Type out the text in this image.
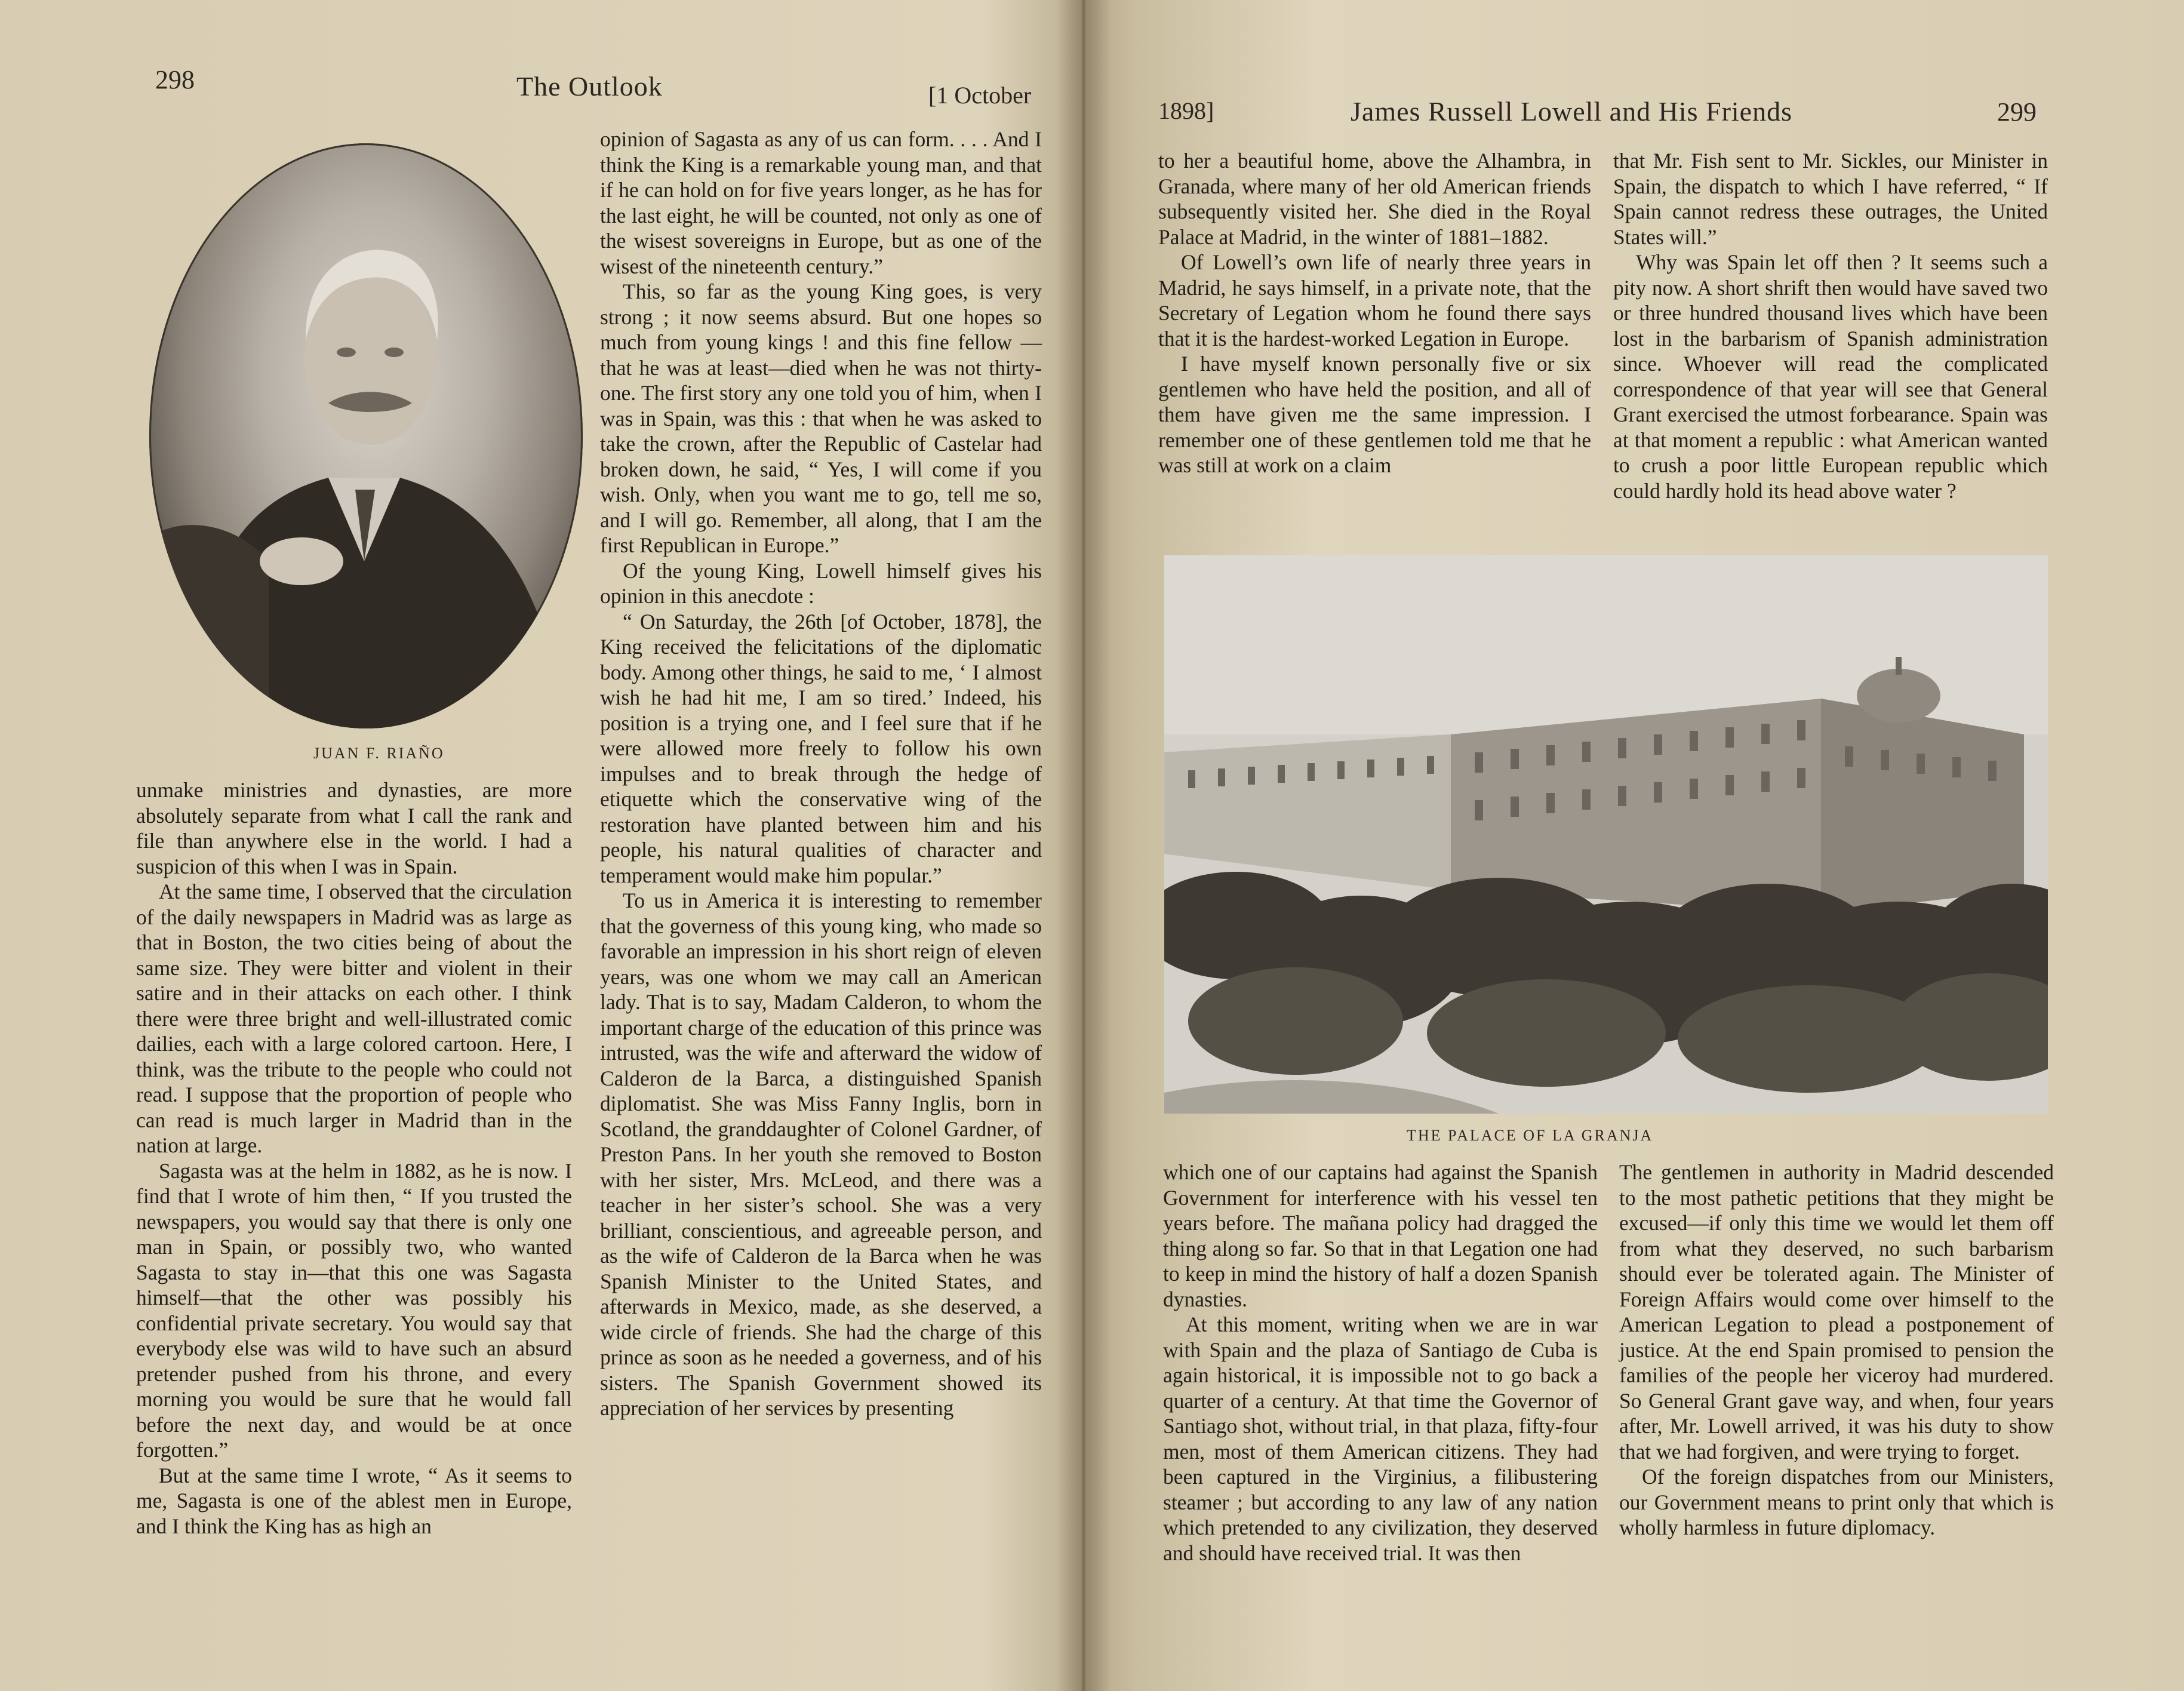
298	The Outlook	[1 October
JUAN F. RIAÑO

unmake ministries and dynasties, are more absolutely separate from what I call the rank and file than anywhere else in the world. I had a suspicion of this when I was in Spain.

At the same time, I observed that the circulation of the daily newspapers in Madrid was as large as that in Boston, the two cities being of about the same size. They were bitter and violent in their satire and in their attacks on each other. I think there were three bright and well-illustrated comic dailies, each with a large colored cartoon. Here, I think, was the tribute to the people who could not read. I suppose that the proportion of people who can read is much larger in Madrid than in the nation at large.

Sagasta was at the helm in 1882, as he is now. I find that I wrote of him then, “ If you trusted the newspapers, you would say that there is only one man in Spain, or possibly two, who wanted Sagasta to stay in—that this one was Sagasta himself—that the other was possibly his confidential private secretary. You would say that everybody else was wild to have such an absurd pretender pushed from his throne, and every morning you would be sure that he would fall before the next day, and would be at once forgotten.”

But at the same time I wrote, “ As it seems to me, Sagasta is one of the ablest men in Europe, and I think the King has as high an

opinion of Sagasta as any of us can form. . . . And I think the King is a remarkable young man, and that if he can hold on for five years longer, as he has for the last eight, he will be counted, not only as one of the wisest sovereigns in Europe, but as one of the wisest of the nineteenth century.”

This, so far as the young King goes, is very strong ; it now seems absurd. But one hopes so much from young kings ! and this fine fellow —that he was at least—died when he was not thirty-one. The first story any one told you of him, when I was in Spain, was this : that when he was asked to take the crown, after the Republic of Castelar had broken down, he said, “ Yes, I will come if you wish. Only, when you want me to go, tell me so, and I will go. Remember, all along, that I am the first Republican in Europe.”

Of the young King, Lowell himself gives his opinion in this anecdote :

“ On Saturday, the 26th [of October, 1878], the King received the felicitations of the diplomatic body. Among other things, he said to me, ‘ I almost wish he had hit me, I am so tired.’ Indeed, his position is a trying one, and I feel sure that if he were allowed more freely to follow his own impulses and to break through the hedge of etiquette which the conservative wing of the restoration have planted between him and his people, his natural qualities of character and temperament would make him popular.”

To us in America it is interesting to remember that the governess of this young king, who made so favorable an impression in his short reign of eleven years, was one whom we may call an American lady. That is to say, Madam Calderon, to whom the important charge of the education of this prince was intrusted, was the wife and afterward the widow of Calderon de la Barca, a distinguished Spanish diplomatist. She was Miss Fanny Inglis, born in Scotland, the granddaughter of Colonel Gardner, of Preston Pans. In her youth she removed to Boston with her sister, Mrs. McLeod, and there was a teacher in her sister’s school. She was a very brilliant, conscientious, and agreeable person, and as the wife of Calderon de la Barca when he was Spanish Minister to the United States, and afterwards in Mexico, made, as she deserved, a wide circle of friends. She had the charge of this prince as soon as he needed a governess, and of his sisters. The Spanish Government showed its appreciation of her services by presenting

1898]	James Russell Lowell and His Friends	299

to her a beautiful home, above the Alhambra, in Granada, where many of her old American friends subsequently visited her. She died in the Royal Palace at Madrid, in the winter of 1881–1882.

Of Lowell’s own life of nearly three years in Madrid, he says himself, in a private note, that the Secretary of Legation whom he found there says that it is the hardest-worked Legation in Europe.

I have myself known personally five or six gentlemen who have held the position, and all of them have given me the same impression. I remember one of these gentlemen told me that he was still at work on a claim

that Mr. Fish sent to Mr. Sickles, our Minister in Spain, the dispatch to which I have referred, “ If Spain cannot redress these outrages, the United States will.”

Why was Spain let off then ? It seems such a pity now. A short shrift then would have saved two or three hundred thousand lives which have been lost in the barbarism of Spanish administration since. Whoever will read the complicated correspondence of that year will see that General Grant exercised the utmost forbearance. Spain was at that moment a republic : what American wanted to crush a poor little European republic which could hardly hold its head above water ?

THE PALACE OF LA GRANJA

which one of our captains had against the Spanish Government for interference with his vessel ten years before. The mañana policy had dragged the thing along so far. So that in that Legation one had to keep in mind the history of half a dozen Spanish dynasties.

At this moment, writing when we are in war with Spain and the plaza of Santiago de Cuba is again historical, it is impossible not to go back a quarter of a century. At that time the Governor of Santiago shot, without trial, in that plaza, fifty-four men, most of them American citizens. They had been captured in the Virginius, a filibustering steamer ; but according to any law of any nation which pretended to any civilization, they deserved and should have received trial. It was then

The gentlemen in authority in Madrid descended to the most pathetic petitions that they might be excused—if only this time we would let them off from what they deserved, no such barbarism should ever be tolerated again. The Minister of Foreign Affairs would come over himself to the American Legation to plead a postponement of justice. At the end Spain promised to pension the families of the people her viceroy had murdered. So General Grant gave way, and when, four years after, Mr. Lowell arrived, it was his duty to show that we had forgiven, and were trying to forget.

Of the foreign dispatches from our Ministers, our Government means to print only that which is wholly harmless in future diplomacy.
